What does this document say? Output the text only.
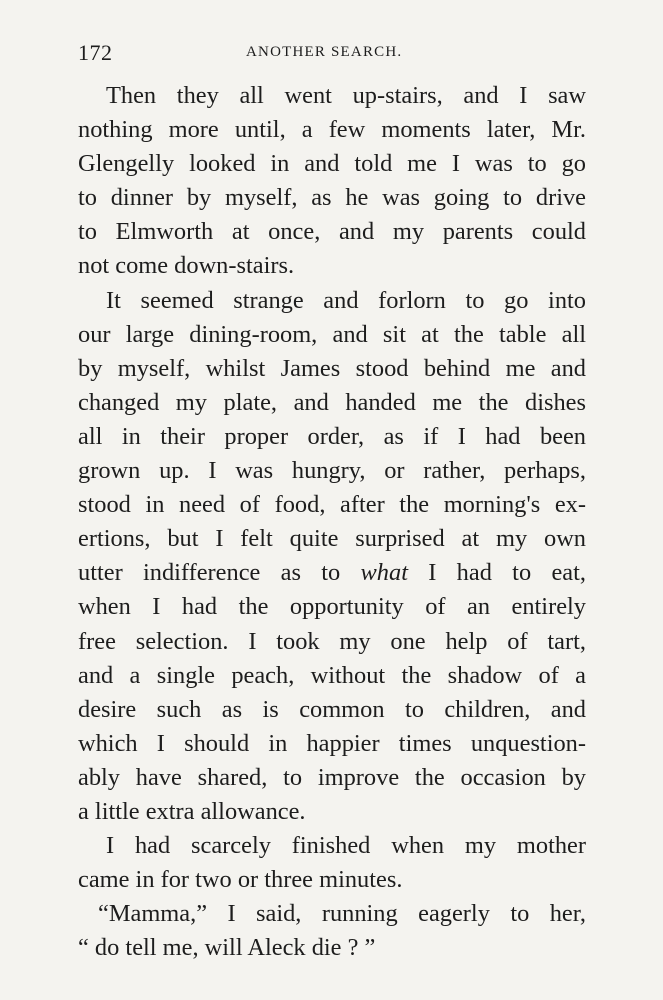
172	ANOTHER SEARCH.
Then they all went up-stairs, and I saw
nothing more until, a few moments later, Mr.
Glengelly looked in and told me I was to go
to dinner by myself, as he was going to drive
to Elmworth at once, and my parents could
not come down-stairs.
It seemed strange and forlorn to go into
our large dining-room, and sit at the table all
by myself, whilst James stood behind me and
changed my plate, and handed me the dishes
all in their proper order, as if I had been
grown up. I was hungry, or rather, perhaps,
stood in need of food, after the morning's ex-
ertions, but I felt quite surprised at my own
utter indifference as to what I had to eat,
when I had the opportunity of an entirely
free selection. I took my one help of tart,
and a single peach, without the shadow of a
desire such as is common to children, and
which I should in happier times unquestion-
ably have shared, to improve the occasion by
a little extra allowance.
I had scarcely finished when my mother
came in for two or three minutes.
“Mamma,” I said, running eagerly to her,
“ do tell me, will Aleck die ? ”
